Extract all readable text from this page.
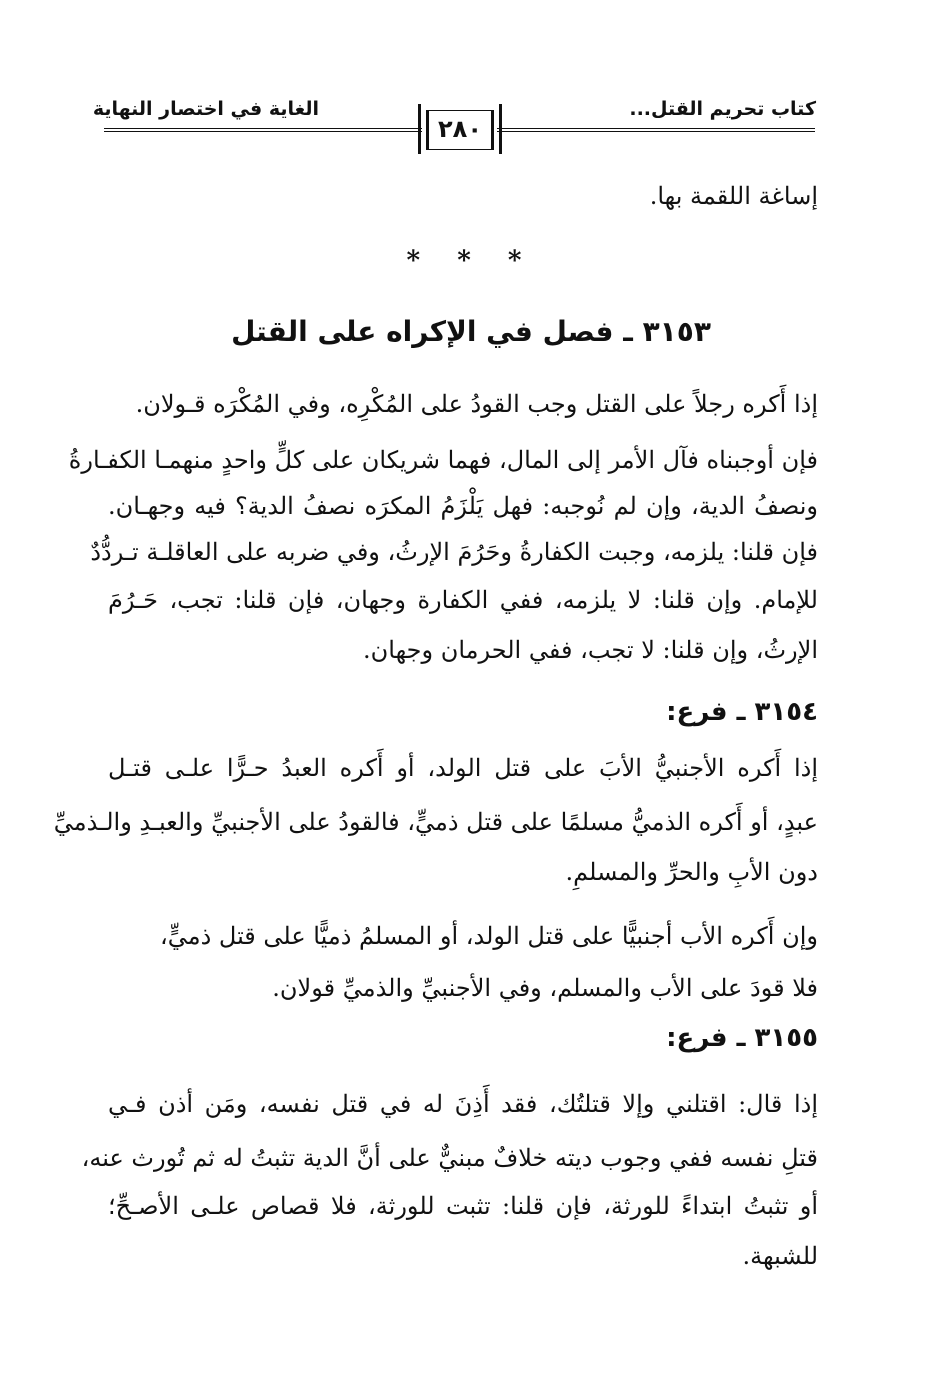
الغاية في اختصار النهاية
٢٨٠
كتاب تحريم القتل...
إساغة اللقمة بها.
* * *
٣١٥٣ ـ فصل في الإكراه على القتل
إذا أَكره رجلاً على القتل وجب القودُ على المُكْرِه، وفي المُكْرَه قـولان.
فإن أوجبناه فآل الأمر إلى المال، فهما شريكان على كلٍّ واحدٍ منهمـا الكفـارةُ
ونصفُ الدية، وإن لم نُوجبه: فهل يَلْزَمُ المكرَه نصفُ الدية؟ فيه وجهـان.
فإن قلنا: يلزمه، وجبت الكفارةُ وحَرُمَ الإرثُ، وفي ضربه على العاقلـة تـردُّدٌ
للإمام. وإن قلنا: لا يلزمه، ففي الكفارة وجهان، فإن قلنا: تجب، حَـرُمَ
الإرثُ، وإن قلنا: لا تجب، ففي الحرمان وجهان.
٣١٥٤ ـ فرع:
إذا أَكره الأجنبيُّ الأبَ على قتل الولد، أو أَكره العبدُ حـرًّا علـى قتـل
عبدٍ، أو أَكره الذميُّ مسلمًا على قتل ذميٍّ، فالقودُ على الأجنبيِّ والعبـدِ والـذميِّ
دون الأبِ والحرِّ والمسلمِ.
وإن أَكره الأب أجنبيًّا على قتل الولد، أو المسلمُ ذميًّا على قتل ذميٍّ،
فلا قودَ على الأب والمسلم، وفي الأجنبيِّ والذميِّ قولان.
٣١٥٥ ـ فرع:
إذا قال: اقتلني وإلا قتلتُك، فقد أَذِنَ له في قتل نفسه، ومَن أذن فـي
قتلِ نفسه ففي وجوب ديته خلافٌ مبنيٌّ على أنَّ الدية تثبتُ له ثم تُورث عنه،
أو تثبتُ ابتداءً للورثة، فإن قلنا: تثبت للورثة، فلا قصاص علـى الأصـحِّ؛
للشبهة.
